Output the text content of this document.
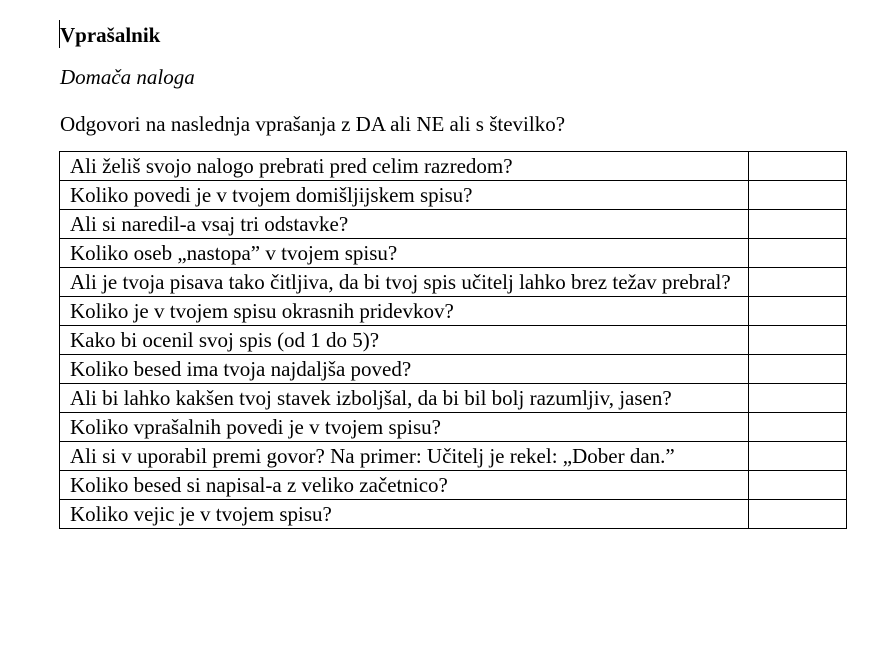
Vprašalnik
Domača naloga
Odgovori na naslednja vprašanja z DA ali NE ali s številko?
Ali želiš svojo nalogo prebrati pred celim razredom?	
Koliko povedi je v tvojem domišljijskem spisu?	
Ali si naredil-a vsaj tri odstavke?	
Koliko oseb „nastopa” v tvojem spisu?	
Ali je tvoja pisava tako čitljiva, da bi tvoj spis učitelj lahko brez težav prebral?	
Koliko je v tvojem spisu okrasnih pridevkov?	
Kako bi ocenil svoj spis (od 1 do 5)?	
Koliko besed ima tvoja najdaljša poved?	
Ali bi lahko kakšen tvoj stavek izboljšal, da bi bil bolj razumljiv, jasen?	
Koliko vprašalnih povedi je v tvojem spisu?	
Ali si v uporabil premi govor? Na primer: Učitelj je rekel: „Dober dan.”	
Koliko besed si napisal-a z veliko začetnico?	
Koliko vejic je v tvojem spisu?	
